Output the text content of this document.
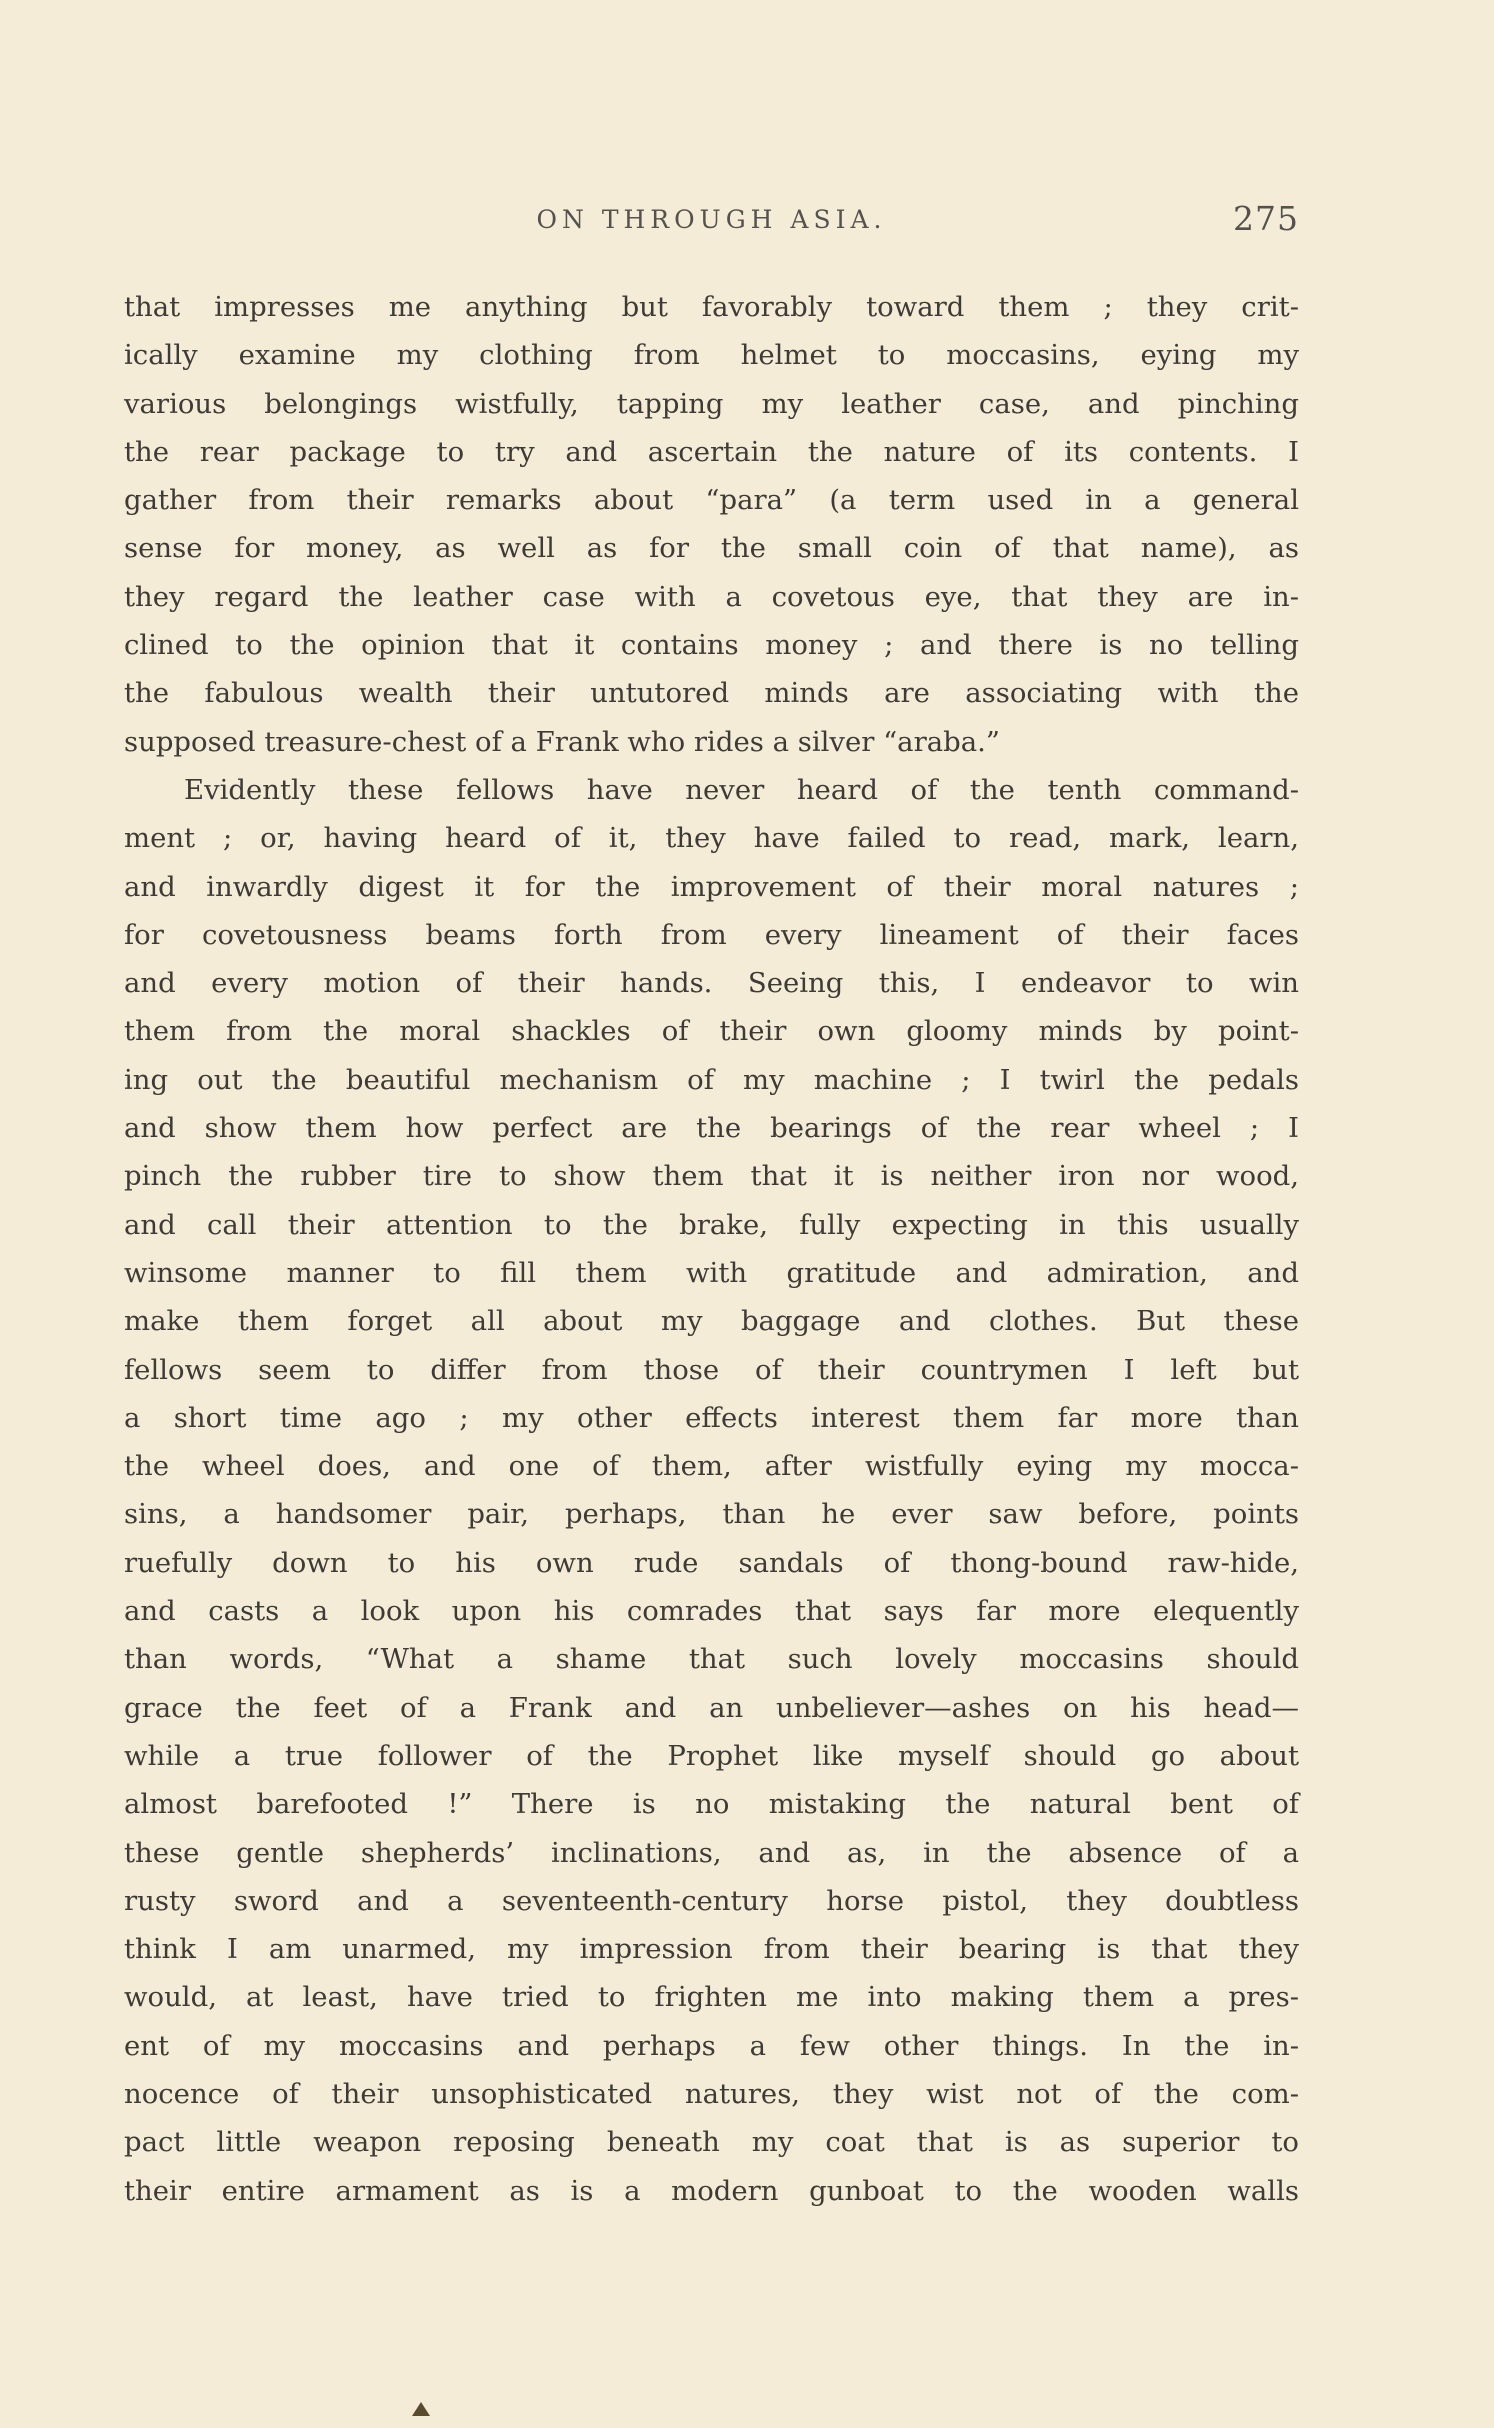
ON THROUGH ASIA.	275
that impresses me anything but favorably toward them ; they crit-
ically examine my clothing from helmet to moccasins, eying my
various belongings wistfully, tapping my leather case, and pinching
the rear package to try and ascertain the nature of its contents. I
gather from their remarks about “para” (a term used in a general
sense for money, as well as for the small coin of that name), as
they regard the leather case with a covetous eye, that they are in-
clined to the opinion that it contains money ; and there is no telling
the fabulous wealth their untutored minds are associating with the
supposed treasure-chest of a Frank who rides a silver “araba.”
Evidently these fellows have never heard of the tenth command-
ment ; or, having heard of it, they have failed to read, mark, learn,
and inwardly digest it for the improvement of their moral natures ;
for covetousness beams forth from every lineament of their faces
and every motion of their hands. Seeing this, I endeavor to win
them from the moral shackles of their own gloomy minds by point-
ing out the beautiful mechanism of my machine ; I twirl the pedals
and show them how perfect are the bearings of the rear wheel ; I
pinch the rubber tire to show them that it is neither iron nor wood,
and call their attention to the brake, fully expecting in this usually
winsome manner to fill them with gratitude and admiration, and
make them forget all about my baggage and clothes. But these
fellows seem to differ from those of their countrymen I left but
a short time ago ; my other effects interest them far more than
the wheel does, and one of them, after wistfully eying my mocca-
sins, a handsomer pair, perhaps, than he ever saw before, points
ruefully down to his own rude sandals of thong-bound raw-hide,
and casts a look upon his comrades that says far more elequently
than words, “What a shame that such lovely moccasins should
grace the feet of a Frank and an unbeliever—ashes on his head—
while a true follower of the Prophet like myself should go about
almost barefooted !” There is no mistaking the natural bent of
these gentle shepherds’ inclinations, and as, in the absence of a
rusty sword and a seventeenth-century horse pistol, they doubtless
think I am unarmed, my impression from their bearing is that they
would, at least, have tried to frighten me into making them a pres-
ent of my moccasins and perhaps a few other things. In the in-
nocence of their unsophisticated natures, they wist not of the com-
pact little weapon reposing beneath my coat that is as superior to
their entire armament as is a modern gunboat to the wooden walls
